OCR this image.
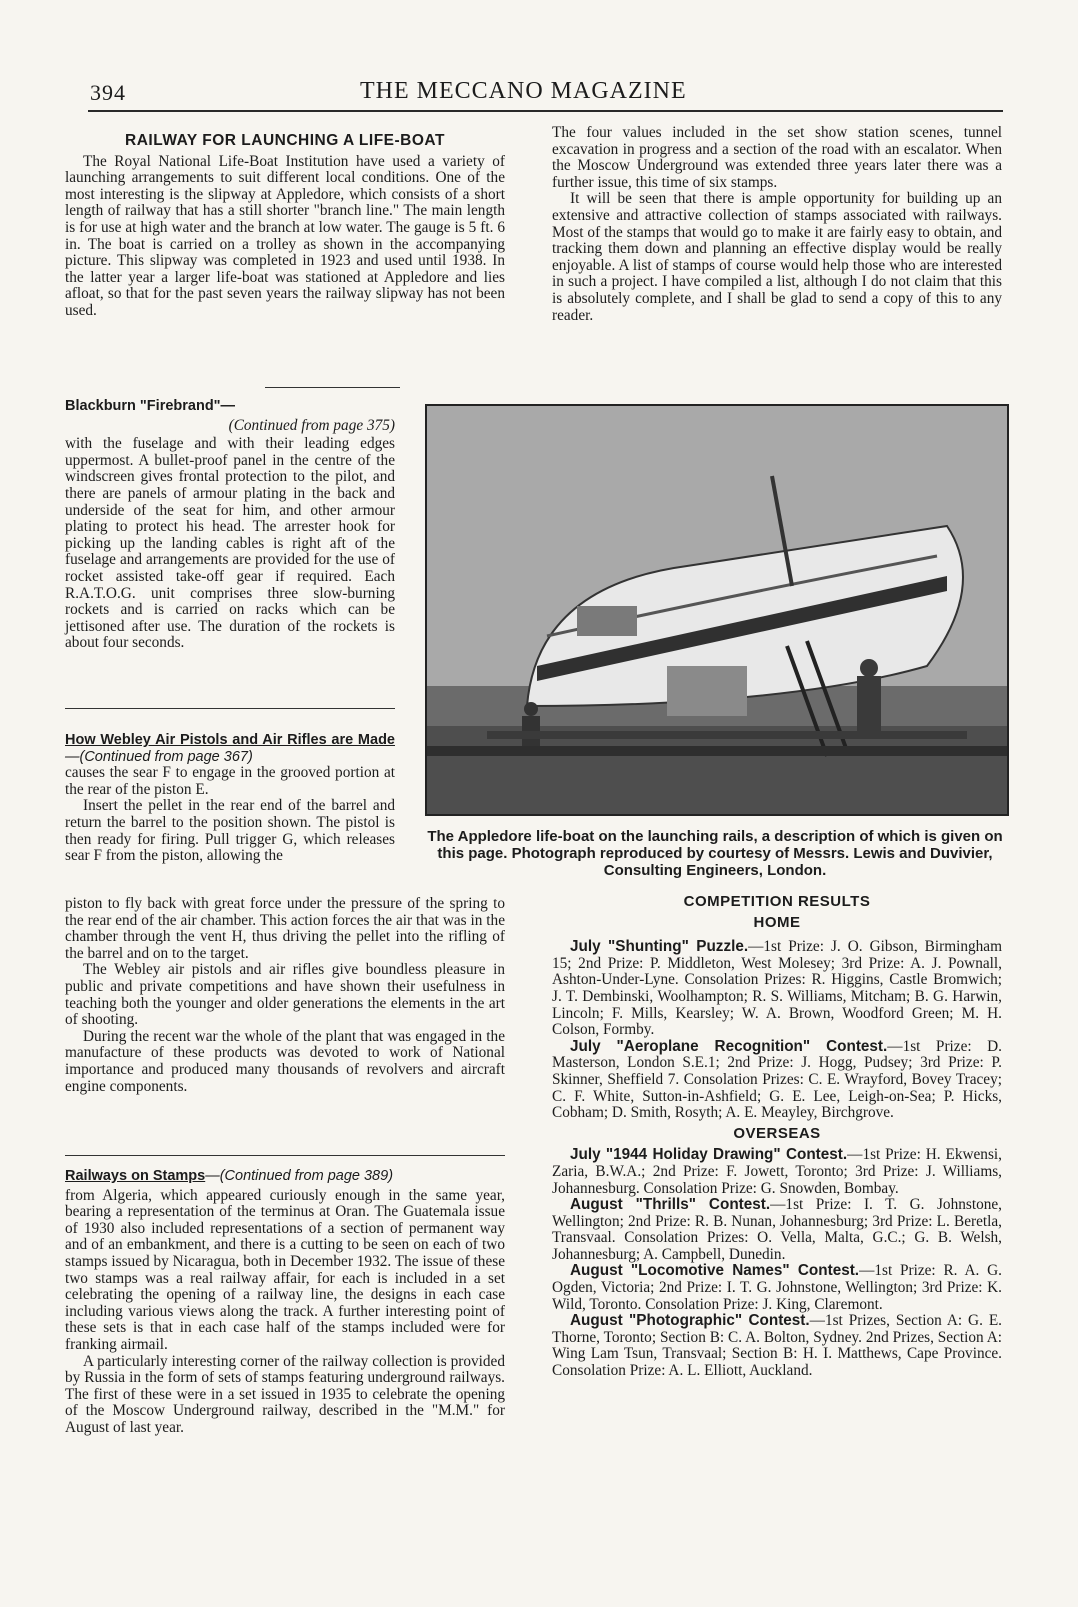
394	THE MECCANO MAGAZINE
RAILWAY FOR LAUNCHING A LIFE-BOAT

The Royal National Life-Boat Institution have used a variety of launching arrangements to suit different local conditions. One of the most interesting is the slipway at Appledore, which consists of a short length of railway that has a still shorter "branch line." The main length is for use at high water and the branch at low water. The gauge is 5 ft. 6 in. The boat is carried on a trolley as shown in the accompanying picture. This slipway was completed in 1923 and used until 1938. In the latter year a larger life-boat was stationed at Appledore and lies afloat, so that for the past seven years the railway slipway has not been used.

Blackburn "Firebrand"—
(Continued from page 375)

with the fuselage and with their leading edges uppermost. A bullet-proof panel in the centre of the windscreen gives frontal protection to the pilot, and there are panels of armour plating in the back and underside of the seat for him, and other armour plating to protect his head. The arrester hook for picking up the landing cables is right aft of the fuselage and arrangements are provided for the use of rocket assisted take-off gear if required. Each R.A.T.O.G. unit comprises three slow-burning rockets and is carried on racks which can be jettisoned after use. The duration of the rockets is about four seconds.

How Webley Air Pistols and Air Rifles are Made—(Continued from page 367)

causes the sear F to engage in the grooved portion at the rear of the piston E.

Insert the pellet in the rear end of the barrel and return the barrel to the position shown. The pistol is then ready for firing. Pull trigger G, which releases sear F from the piston, allowing the

piston to fly back with great force under the pressure of the spring to the rear end of the air chamber. This action forces the air that was in the chamber through the vent H, thus driving the pellet into the rifling of the barrel and on to the target.

The Webley air pistols and air rifles give boundless pleasure in public and private competitions and have shown their usefulness in teaching both the younger and older generations the elements in the art of shooting.

During the recent war the whole of the plant that was engaged in the manufacture of these products was devoted to work of National importance and produced many thousands of revolvers and aircraft engine components.

Railways on Stamps—(Continued from page 389)

from Algeria, which appeared curiously enough in the same year, bearing a representation of the terminus at Oran. The Guatemala issue of 1930 also included representations of a section of permanent way and of an embankment, and there is a cutting to be seen on each of two stamps issued by Nicaragua, both in December 1932. The issue of these two stamps was a real railway affair, for each is included in a set celebrating the opening of a railway line, the designs in each case including various views along the track. A further interesting point of these sets is that in each case half of the stamps included were for franking airmail.

A particularly interesting corner of the railway collection is provided by Russia in the form of sets of stamps featuring underground railways. The first of these were in a set issued in 1935 to celebrate the opening of the Moscow Underground railway, described in the "M.M." for August of last year.

The four values included in the set show station scenes, tunnel excavation in progress and a section of the road with an escalator. When the Moscow Underground was extended three years later there was a further issue, this time of six stamps.

It will be seen that there is ample opportunity for building up an extensive and attractive collection of stamps associated with railways. Most of the stamps that would go to make it are fairly easy to obtain, and tracking them down and planning an effective display would be really enjoyable. A list of stamps of course would help those who are interested in such a project. I have compiled a list, although I do not claim that this is absolutely complete, and I shall be glad to send a copy of this to any reader.

The Appledore life-boat on the launching rails, a description of which is given on this page. Photograph reproduced by courtesy of Messrs. Lewis and Duvivier, Consulting Engineers, London.
COMPETITION RESULTS
HOME

July "Shunting" Puzzle.—1st Prize: J. O. Gibson, Birmingham 15; 2nd Prize: P. Middleton, West Molesey; 3rd Prize: A. J. Pownall, Ashton-Under-Lyne. Consolation Prizes: R. Higgins, Castle Bromwich; J. T. Dembinski, Woolhampton; R. S. Williams, Mitcham; B. G. Harwin, Lincoln; F. Mills, Kearsley; W. A. Brown, Woodford Green; M. H. Colson, Formby.

July "Aeroplane Recognition" Contest.—1st Prize: D. Masterson, London S.E.1; 2nd Prize: J. Hogg, Pudsey; 3rd Prize: P. Skinner, Sheffield 7. Consolation Prizes: C. E. Wrayford, Bovey Tracey; C. F. White, Sutton-in-Ashfield; G. E. Lee, Leigh-on-Sea; P. Hicks, Cobham; D. Smith, Rosyth; A. E. Meayley, Birchgrove.

OVERSEAS

July "1944 Holiday Drawing" Contest.—1st Prize: H. Ekwensi, Zaria, B.W.A.; 2nd Prize: F. Jowett, Toronto; 3rd Prize: J. Williams, Johannesburg. Consolation Prize: G. Snowden, Bombay.

August "Thrills" Contest.—1st Prize: I. T. G. Johnstone, Wellington; 2nd Prize: R. B. Nunan, Johannesburg; 3rd Prize: L. Beretla, Transvaal. Consolation Prizes: O. Vella, Malta, G.C.; G. B. Welsh, Johannesburg; A. Campbell, Dunedin.

August "Locomotive Names" Contest.—1st Prize: R. A. G. Ogden, Victoria; 2nd Prize: I. T. G. Johnstone, Wellington; 3rd Prize: K. Wild, Toronto. Consolation Prize: J. King, Claremont.

August "Photographic" Contest.—1st Prizes, Section A: G. E. Thorne, Toronto; Section B: C. A. Bolton, Sydney. 2nd Prizes, Section A: Wing Lam Tsun, Transvaal; Section B: H. I. Matthews, Cape Province. Consolation Prize: A. L. Elliott, Auckland.
